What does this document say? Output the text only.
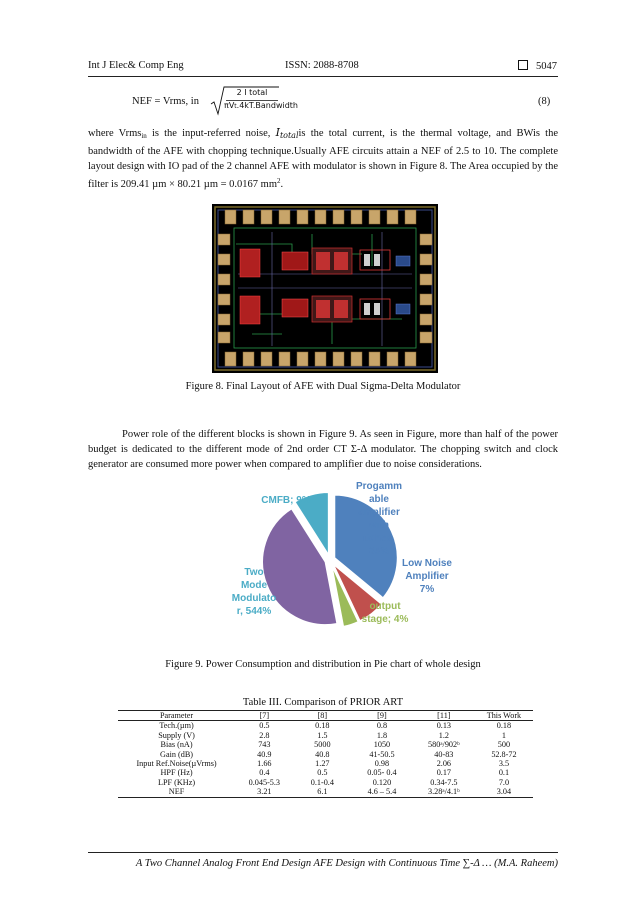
Int J Elec& Comp Eng	ISSN: 2088-8708	5047
NEF = Vrms, in
2 I total
πVt.4kT.Bandwidth	(8)
where Vrms$_{in}$ is the input-referred noise, Itotalis the total current, is the thermal voltage, and BWis the bandwidth of the AFE with chopping technique.Usually AFE circuits attain a NEF of 2.5 to 10. The complete layout design with IO pad of the 2 channel AFE with modulator is shown in Figure 8. The Area occupied by the filter is 209.41 µm × 80.21 µm = 0.0167 $mm^2$.
Figure 8. Final Layout of AFE with Dual Sigma-Delta Modulator
Power role of the different blocks is shown in Figure 9. As seen in Figure, more than half of the power budget is dedicated to the different mode of 2nd order CT Σ-Δ modulator. The chopping switch and clock generator are consumed more power when compared to amplifier due to noise considerations.
Progamm
able
amplifier
with
itches,
36%
Low Noise
Amplifier
7%
output
stage; 4%
Two
Mode
Modulato
r, 544%
CMFB; 9%
Figure 9. Power Consumption and distribution in Pie chart of whole design
Table III. Comparison of PRIOR ART
Parameter	[7]	[8]	[9]	[11]	This Work
Tech.(µm)	0.5	0.18	0.8	0.13	0.18
Supply (V)	2.8	1.5	1.8	1.2	1
Bias (nA)	743	5000	1050	580ᵃ/902ᵇ	500
Gain (dB)	40.9	40.8	41-50.5	40-83	52.8-72
Input Ref.Noise(µVrms)	1.66	1.27	0.98	2.06	3.5
HPF (Hz)	0.4	0.5	0.05- 0.4	0.17	0.1
LPF (KHz)	0.045-5.3	0.1-0.4	0.120	0.34-7.5	7.0
NEF	3.21	6.1	4.6 – 5.4	3.28ᵃ/4.1ᵇ	3.04
A Two Channel Analog Front End Design AFE Design with Continuous Time ∑-Δ … (M.A. Raheem)
